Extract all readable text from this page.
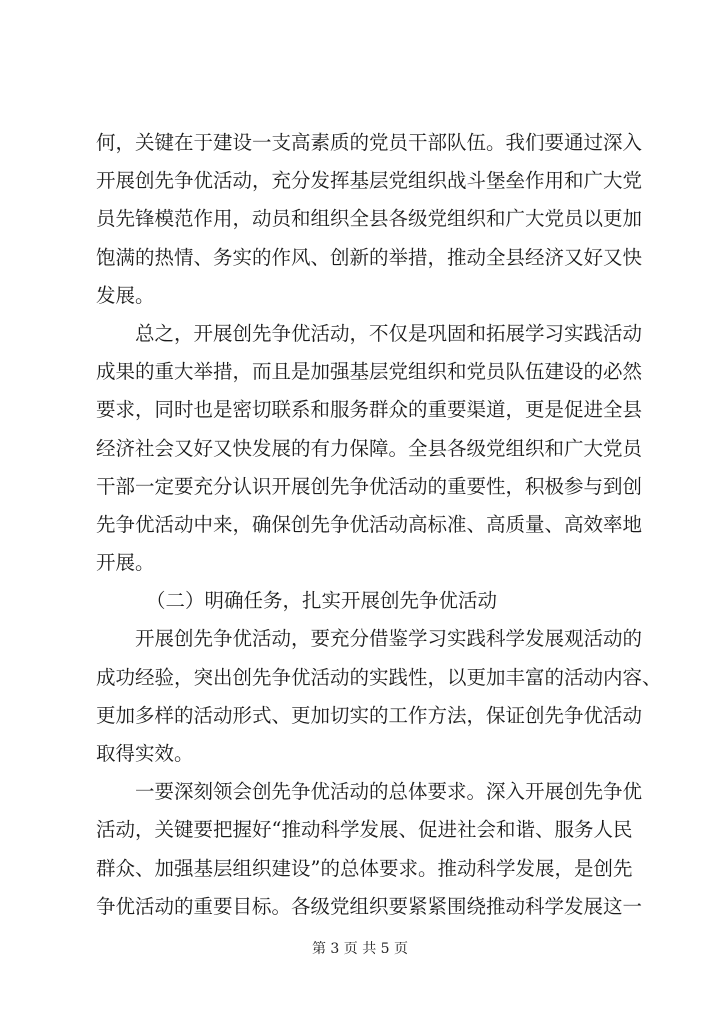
何，关键在于建设一支高素质的党员干部队伍。我们要通过深入
开展创先争优活动，充分发挥基层党组织战斗堡垒作用和广大党
员先锋模范作用，动员和组织全县各级党组织和广大党员以更加
饱满的热情、务实的作风、创新的举措，推动全县经济又好又快
发展。
总之，开展创先争优活动，不仅是巩固和拓展学习实践活动
成果的重大举措，而且是加强基层党组织和党员队伍建设的必然
要求，同时也是密切联系和服务群众的重要渠道，更是促进全县
经济社会又好又快发展的有力保障。全县各级党组织和广大党员
干部一定要充分认识开展创先争优活动的重要性，积极参与到创
先争优活动中来，确保创先争优活动高标准、高质量、高效率地
开展。
（二）明确任务，扎实开展创先争优活动
开展创先争优活动，要充分借鉴学习实践科学发展观活动的
成功经验，突出创先争优活动的实践性，以更加丰富的活动内容、
更加多样的活动形式、更加切实的工作方法，保证创先争优活动
取得实效。
一要深刻领会创先争优活动的总体要求。深入开展创先争优
活动，关键要把握好“推动科学发展、促进社会和谐、服务人民
群众、加强基层组织建设”的总体要求。推动科学发展，是创先
争优活动的重要目标。各级党组织要紧紧围绕推动科学发展这一
第 3 页 共 5 页
